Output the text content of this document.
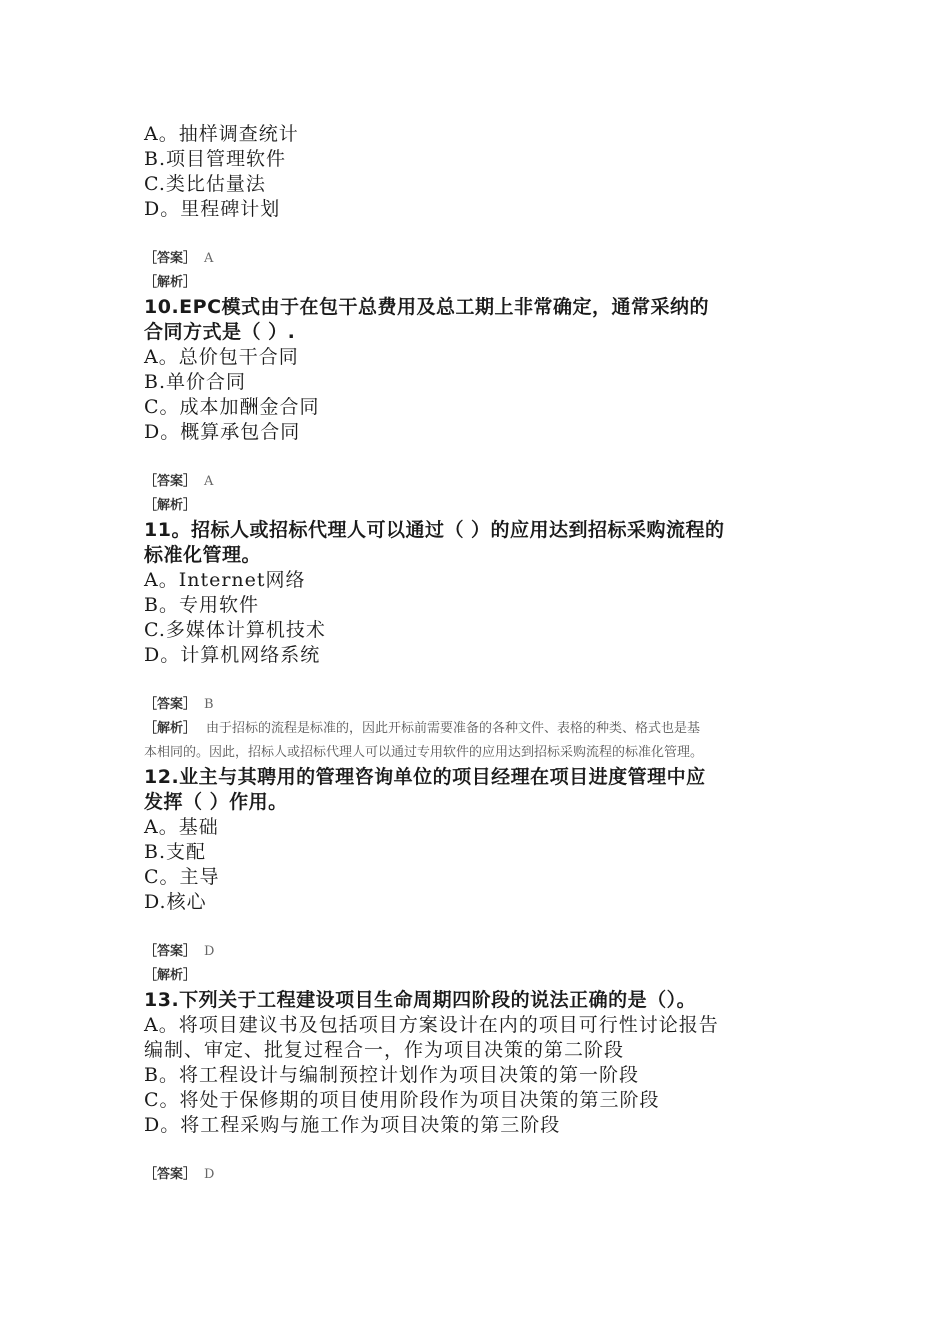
A。抽样调查统计
B.项目管理软件
C.类比估量法
D。里程碑计划
［答案］ A
［解析］
10.EPC模式由于在包干总费用及总工期上非常确定，通常采纳的
合同方式是（ ）.
A。总价包干合同
B.单价合同
C。成本加酬金合同
D。概算承包合同
［答案］ A
［解析］
11。招标人或招标代理人可以通过（ ）的应用达到招标采购流程的
标准化管理。
A。Internet网络
B。专用软件
C.多媒体计算机技术
D。计算机网络系统
［答案］ B
［解析］ 由于招标的流程是标准的，因此开标前需要准备的各种文件、表格的种类、格式也是基
本相同的。因此，招标人或招标代理人可以通过专用软件的应用达到招标采购流程的标准化管理。
12.业主与其聘用的管理咨询单位的项目经理在项目进度管理中应
发挥（ ）作用。
A。基础
B.支配
C。主导
D.核心
［答案］ D
［解析］
13.下列关于工程建设项目生命周期四阶段的说法正确的是（）。
A。将项目建议书及包括项目方案设计在内的项目可行性讨论报告
编制、审定、批复过程合一，作为项目决策的第二阶段
B。将工程设计与编制预控计划作为项目决策的第一阶段
C。将处于保修期的项目使用阶段作为项目决策的第三阶段
D。将工程采购与施工作为项目决策的第三阶段
［答案］ D
